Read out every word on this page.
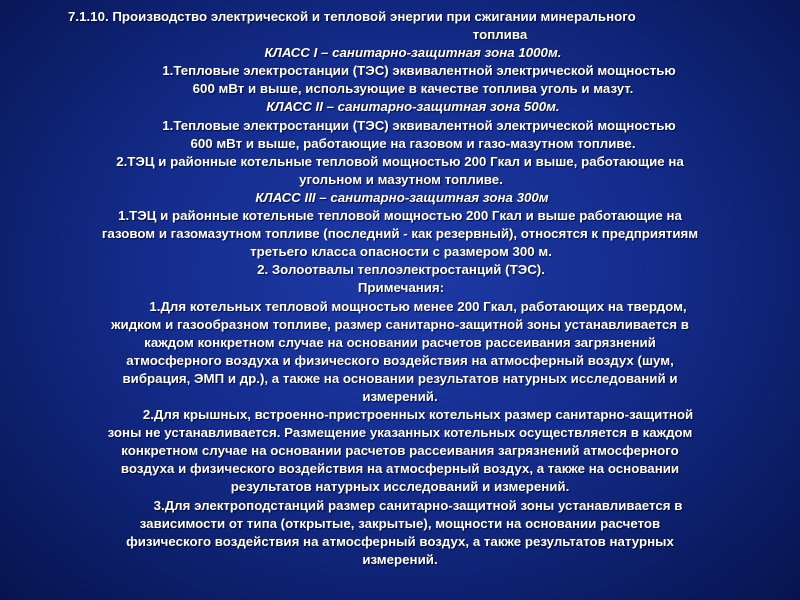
7.1.10. Производство электрической и тепловой энергии при сжигании минерального
топлива
КЛАСС I – санитарно-защитная зона 1000м.
1.Тепловые электростанции (ТЭС) эквивалентной электрической мощностью
600 мВт и выше, использующие в качестве топлива уголь и мазут.
КЛАСС II – санитарно-защитная зона 500м.
1.Тепловые электростанции (ТЭС) эквивалентной электрической мощностью
600 мВт и выше, работающие на газовом и газо-мазутном топливе.
2.ТЭЦ и районные котельные тепловой мощностью 200 Гкал и выше, работающие на
угольном и мазутном топливе.
КЛАСС III – санитарно-защитная зона 300м
1.ТЭЦ и районные котельные тепловой мощностью 200 Гкал и выше работающие на
газовом и газомазутном топливе (последний - как резервный), относятся к предприятиям
третьего класса опасности с размером 300 м.
2. Золоотвалы теплоэлектростанций (ТЭС).
Примечания:
1.Для котельных тепловой мощностью менее 200 Гкал, работающих на твердом,
жидком и газообразном топливе, размер санитарно-защитной зоны устанавливается в
каждом конкретном случае на основании расчетов рассеивания загрязнений
атмосферного воздуха и физического воздействия на атмосферный воздух (шум,
вибрация, ЭМП и др.), а также на основании результатов натурных исследований и
измерений.
2.Для крышных, встроенно-пристроенных котельных размер санитарно-защитной
зоны не устанавливается. Размещение указанных котельных осуществляется в каждом
конкретном случае на основании расчетов рассеивания загрязнений атмосферного
воздуха и физического воздействия на атмосферный воздух, а также на основании
результатов натурных исследований и измерений.
3.Для электроподстанций размер санитарно-защитной зоны устанавливается в
зависимости от типа (открытые, закрытые), мощности на основании расчетов
физического воздействия на атмосферный воздух, а также результатов натурных
измерений.
